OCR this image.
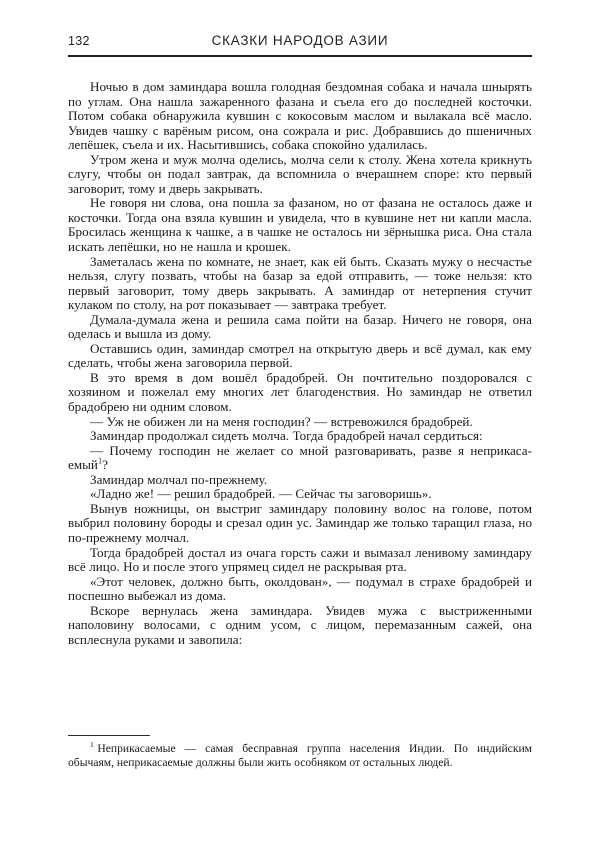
132	СКАЗКИ НАРОДОВ АЗИИ

Ночью в дом заминдара вошла голодная бездомная собака и начала шнырять по углам. Она нашла зажаренного фазана и съела его до последней косточки. Потом собака обнаружила кувшин с кокосовым маслом и вылакала всё масло. Увидев чашку с варёным рисом, она сожрала и рис. Добравшись до пшеничных лепёшек, съела и их. Насытившись, собака спокойно удалилась.

Утром жена и муж молча оделись, молча сели к столу. Жена хотела крикнуть слугу, чтобы он подал завтрак, да вспомнила о вчерашнем споре: кто первый заговорит, тому и дверь закрывать.

Не говоря ни слова, она пошла за фазаном, но от фазана не осталось даже и косточки. Тогда она взяла кувшин и увидела, что в кувшине нет ни капли масла. Бросилась женщина к чашке, а в чашке не осталось ни зёрнышка риса. Она стала искать лепёшки, но не нашла и крошек.

Заметалась жена по комнате, не знает, как ей быть. Сказать мужу о несчастье нельзя, слугу позвать, чтобы на базар за едой отправить, — тоже нельзя: кто первый заговорит, тому дверь закрывать. А заминдар от нетерпения стучит кулаком по столу, на рот показывает — завтрака требует.

Думала-думала жена и решила сама пойти на базар. Ничего не говоря, она оделась и вышла из дому.

Оставшись один, заминдар смотрел на открытую дверь и всё думал, как ему сделать, чтобы жена заговорила первой.

В это время в дом вошёл брадобрей. Он почтительно поздоровался с хозяином и пожелал ему многих лет благоденствия. Но заминдар не ответил брадобрею ни одним словом.

— Уж не обижен ли на меня господин? — встревожился брадобрей.

Заминдар продолжал сидеть молча. Тогда брадобрей начал сердиться:

— Почему господин не желает со мной разговаривать, разве я неприкаса-емый$^1$?

Заминдар молчал по-прежнему.

«Ладно же! — решил брадобрей. — Сейчас ты заговоришь».

Вынув ножницы, он выстриг заминдару половину волос на голове, потом выбрил половину бороды и срезал один ус. Заминдар же только таращил глаза, но по-прежнему молчал.

Тогда брадобрей достал из очага горсть сажи и вымазал ленивому заминдару всё лицо. Но и после этого упрямец сидел не раскрывая рта.

«Этот человек, должно быть, околдован», — подумал в страхе брадобрей и поспешно выбежал из дома.

Вскоре вернулась жена заминдара. Увидев мужа с выстриженными наполовину волосами, с одним усом, с лицом, перемазанным сажей, она всплеснула руками и завопила:

$^1$ Неприкасаемые — самая бесправная группа населения Индии. По индийским обычаям, неприкасаемые должны были жить особняком от остальных людей.
